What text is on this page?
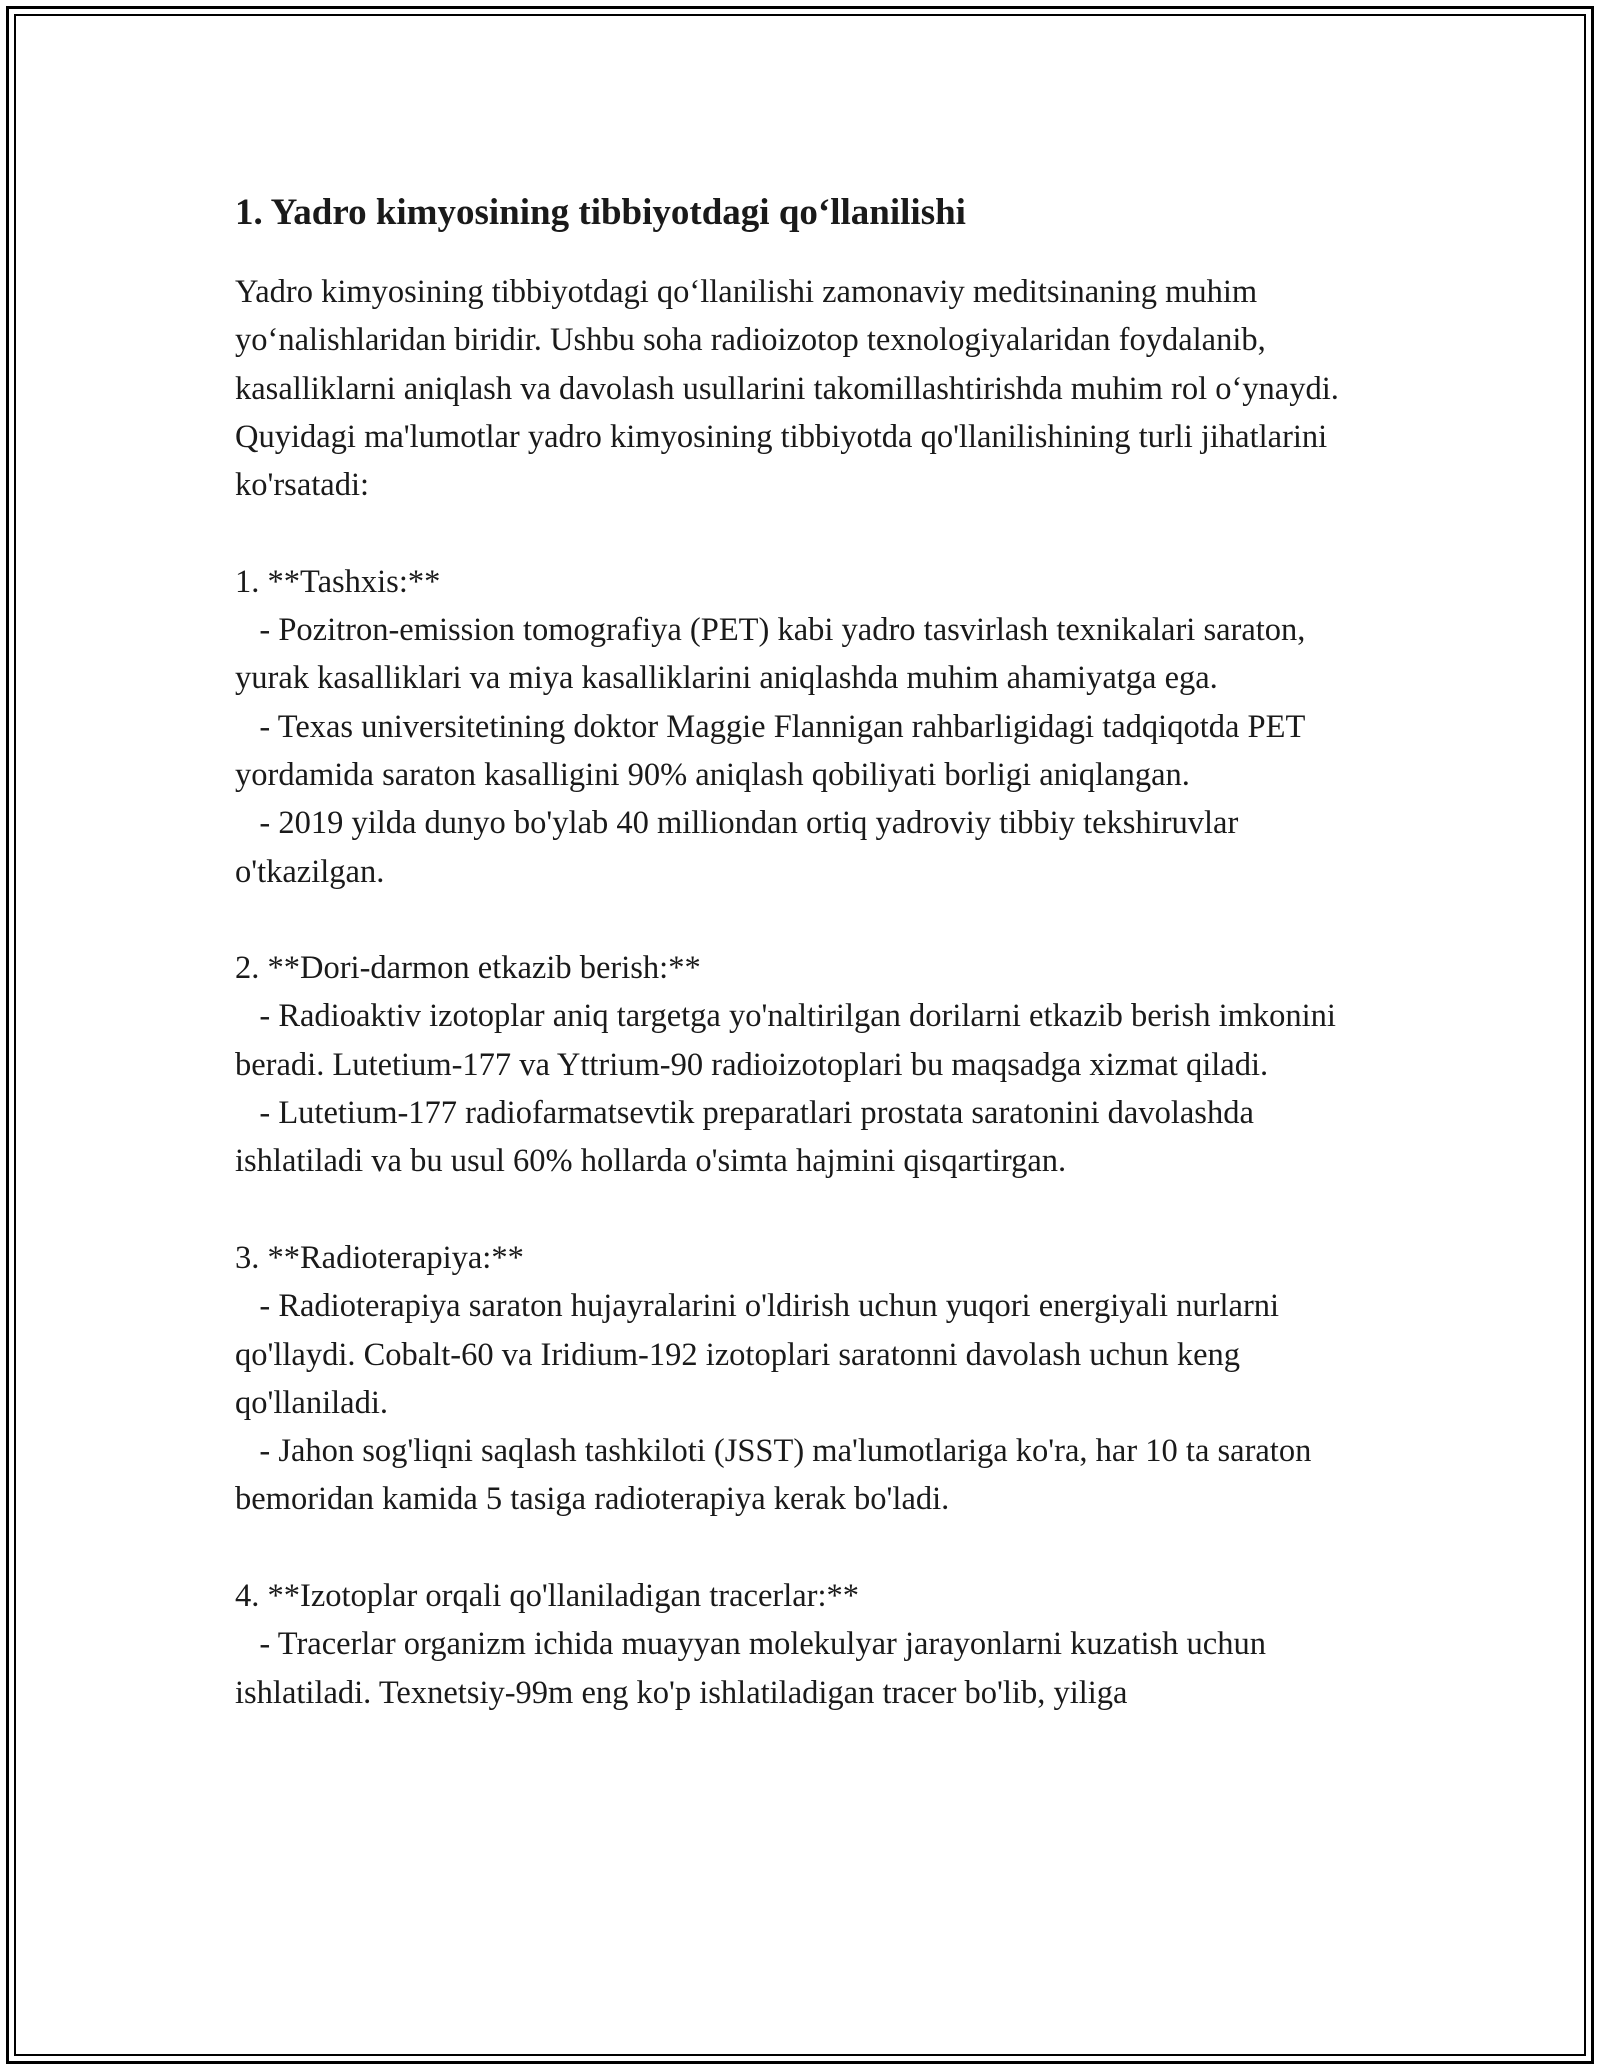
1. Yadro kimyosining tibbiyotdagi qo‘llanilishi

Yadro kimyosining tibbiyotdagi qo‘llanilishi zamonaviy meditsinaning muhim yo‘nalishlaridan biridir. Ushbu soha radioizotop texnologiyalaridan foydalanib, kasalliklarni aniqlash va davolash usullarini takomillashtirishda muhim rol o‘ynaydi. Quyidagi ma'lumotlar yadro kimyosining tibbiyotda qo'llanilishining turli jihatlarini ko'rsatadi:

1. **Tashxis:**

- Pozitron-emission tomografiya (PET) kabi yadro tasvirlash texnikalari saraton, yurak kasalliklari va miya kasalliklarini aniqlashda muhim ahamiyatga ega.

- Texas universitetining doktor Maggie Flannigan rahbarligidagi tadqiqotda PET yordamida saraton kasalligini 90% aniqlash qobiliyati borligi aniqlangan.

- 2019 yilda dunyo bo'ylab 40 milliondan ortiq yadroviy tibbiy tekshiruvlar o'tkazilgan.

2. **Dori-darmon etkazib berish:**

- Radioaktiv izotoplar aniq targetga yo'naltirilgan dorilarni etkazib berish imkonini beradi. Lutetium-177 va Yttrium-90 radioizotoplari bu maqsadga xizmat qiladi.

- Lutetium-177 radiofarmatsevtik preparatlari prostata saratonini davolashda ishlatiladi va bu usul 60% hollarda o'simta hajmini qisqartirgan.

3. **Radioterapiya:**

- Radioterapiya saraton hujayralarini o'ldirish uchun yuqori energiyali nurlarni qo'llaydi. Cobalt-60 va Iridium-192 izotoplari saratonni davolash uchun keng qo'llaniladi.

- Jahon sog'liqni saqlash tashkiloti (JSST) ma'lumotlariga ko'ra, har 10 ta saraton bemoridan kamida 5 tasiga radioterapiya kerak bo'ladi.

4. **Izotoplar orqali qo'llaniladigan tracerlar:**

- Tracerlar organizm ichida muayyan molekulyar jarayonlarni kuzatish uchun ishlatiladi. Texnetsiy-99m eng ko'p ishlatiladigan tracer bo'lib, yiliga
